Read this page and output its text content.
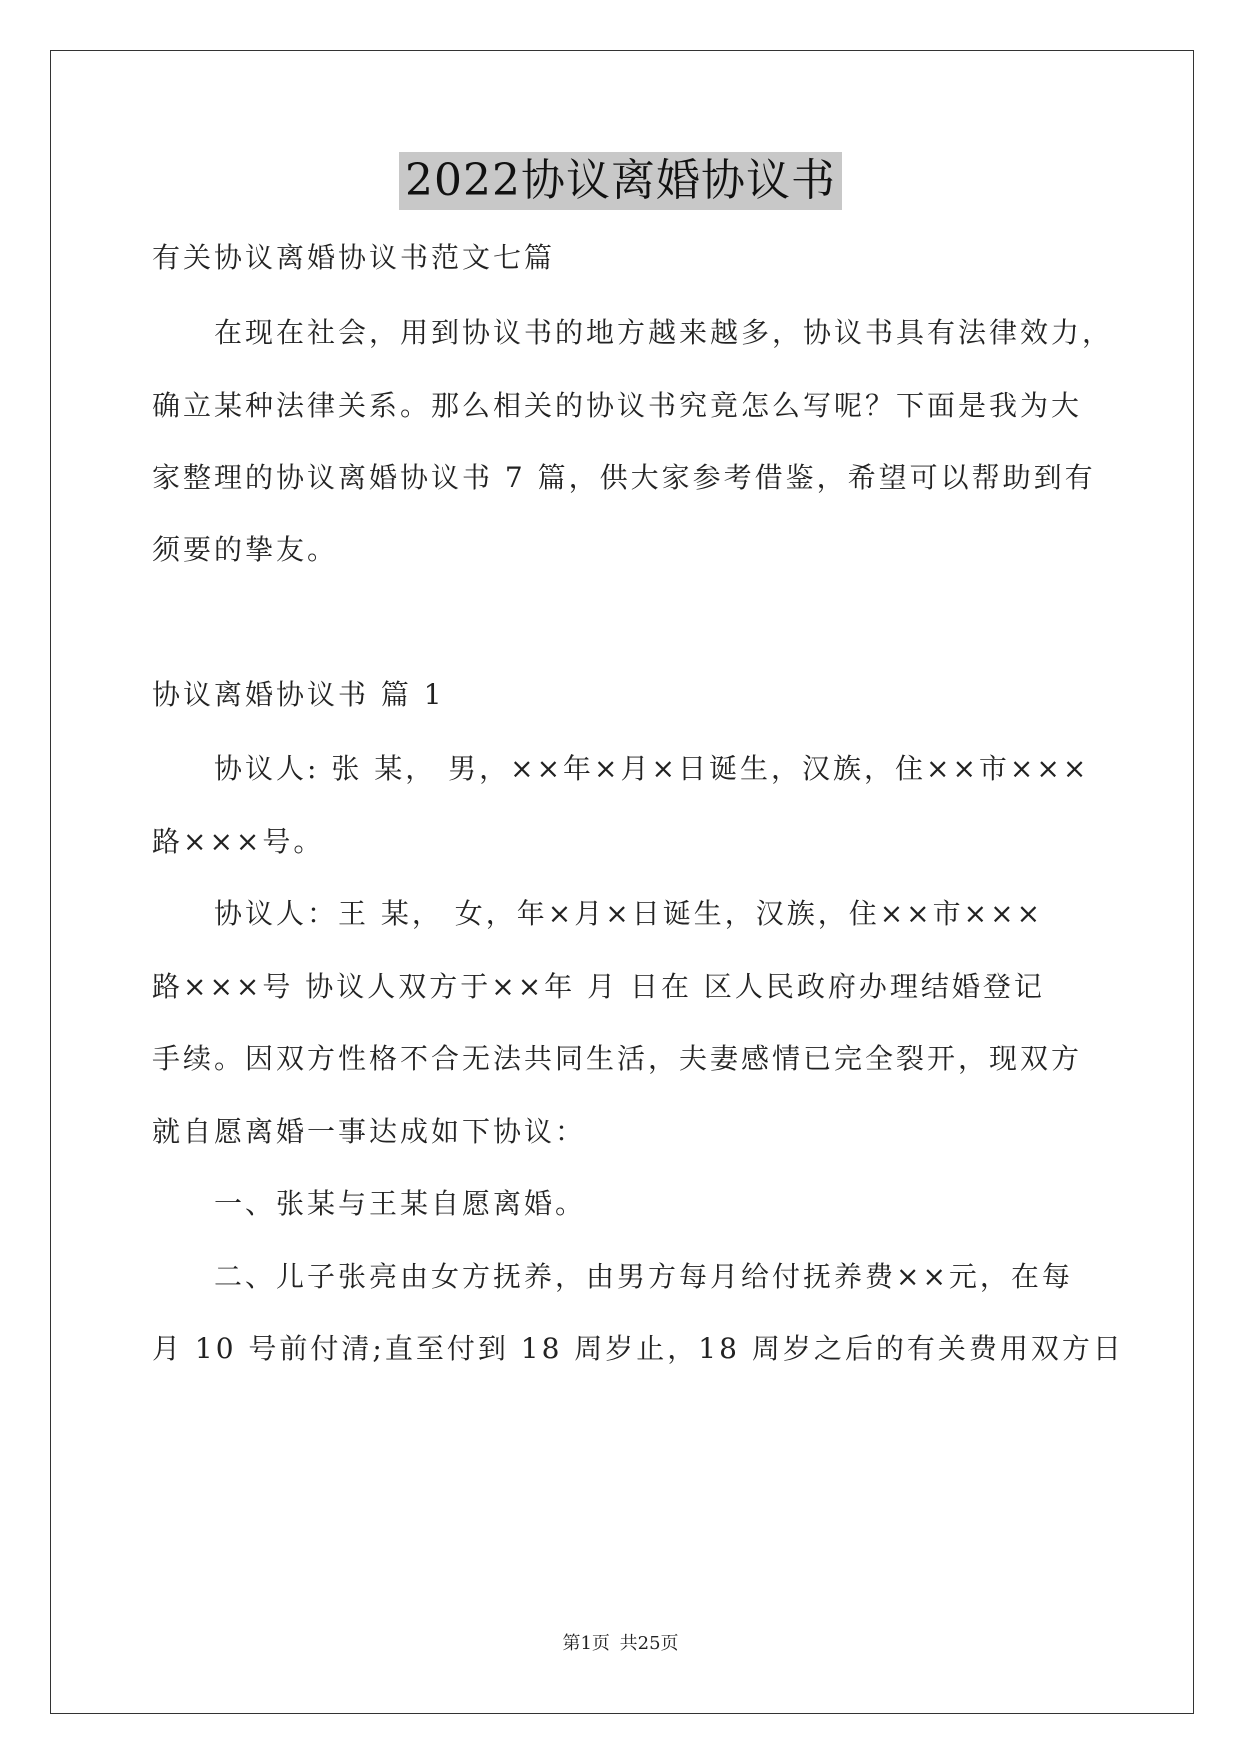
2022协议离婚协议书
有关协议离婚协议书范文七篇
在现在社会，用到协议书的地方越来越多，协议书具有法律效力，
确立某种法律关系。那么相关的协议书究竟怎么写呢？下面是我为大
家整理的协议离婚协议书 7 篇，供大家参考借鉴，希望可以帮助到有
须要的挚友。
协议离婚协议书 篇 1
协议人: 张 某， 男，××年×月×日诞生，汉族，住××市×××
路×××号。
协议人：王 某， 女，年×月×日诞生，汉族，住××市×××
路×××号 协议人双方于××年 月 日在 区人民政府办理结婚登记
手续。因双方性格不合无法共同生活，夫妻感情已完全裂开，现双方
就自愿离婚一事达成如下协议：
一、张某与王某自愿离婚。
二、儿子张亮由女方抚养，由男方每月给付抚养费××元，在每
月 10 号前付清;直至付到 18 周岁止，18 周岁之后的有关费用双方日
第1页 共25页
